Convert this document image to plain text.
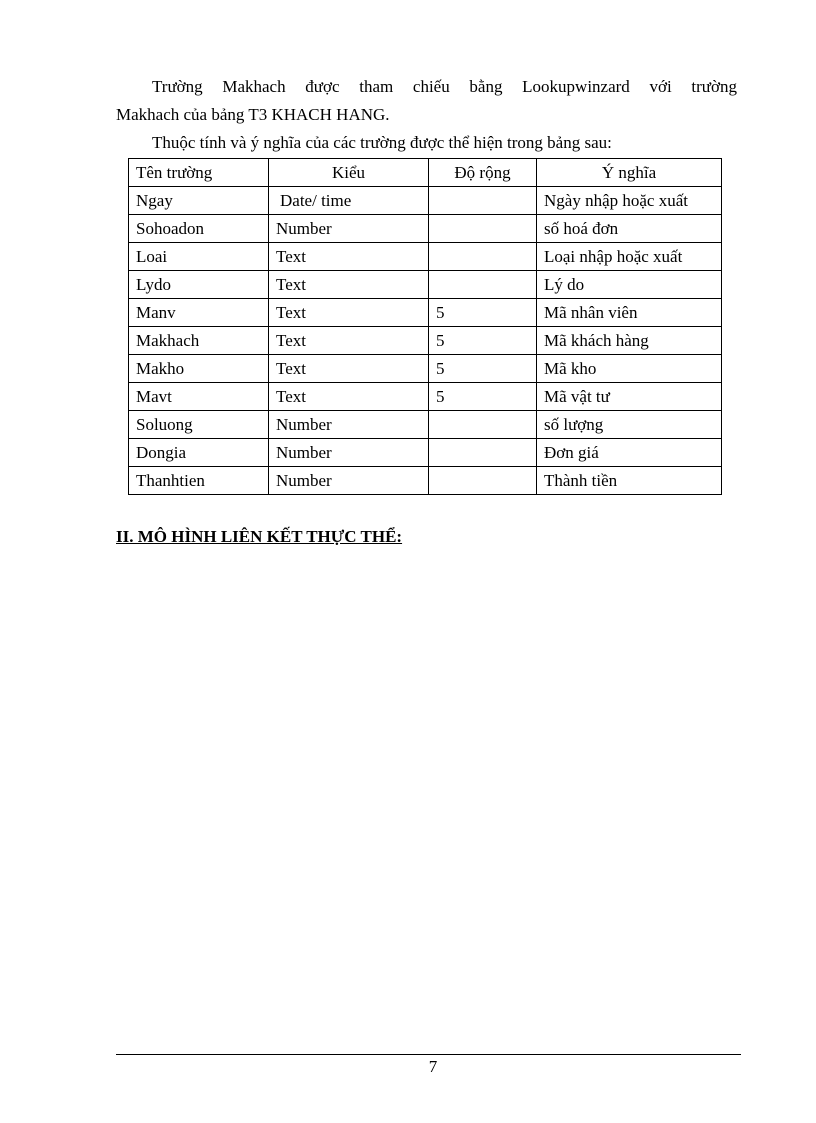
Trường Makhach được tham chiếu bằng Lookupwinzard với trường

Makhach của bảng T3 KHACH HANG.

Thuộc tính và ý nghĩa của các trường được thể hiện trong bảng sau:

Tên trường	Kiểu	Độ rộng	Ý nghĩa
Ngay	Date/ time		Ngày nhập hoặc xuất
Sohoadon	Number		số hoá đơn
Loai	Text		Loại nhập hoặc xuất
Lydo	Text		Lý do
Manv	Text	5	Mã nhân viên
Makhach	Text	5	Mã khách hàng
Makho	Text	5	Mã kho
Mavt	Text	5	Mã vật tư
Soluong	Number		số lượng
Dongia	Number		Đơn giá
Thanhtien	Number		Thành tiền

II. MÔ HÌNH LIÊN KẾT THỰC THỂ:

7
